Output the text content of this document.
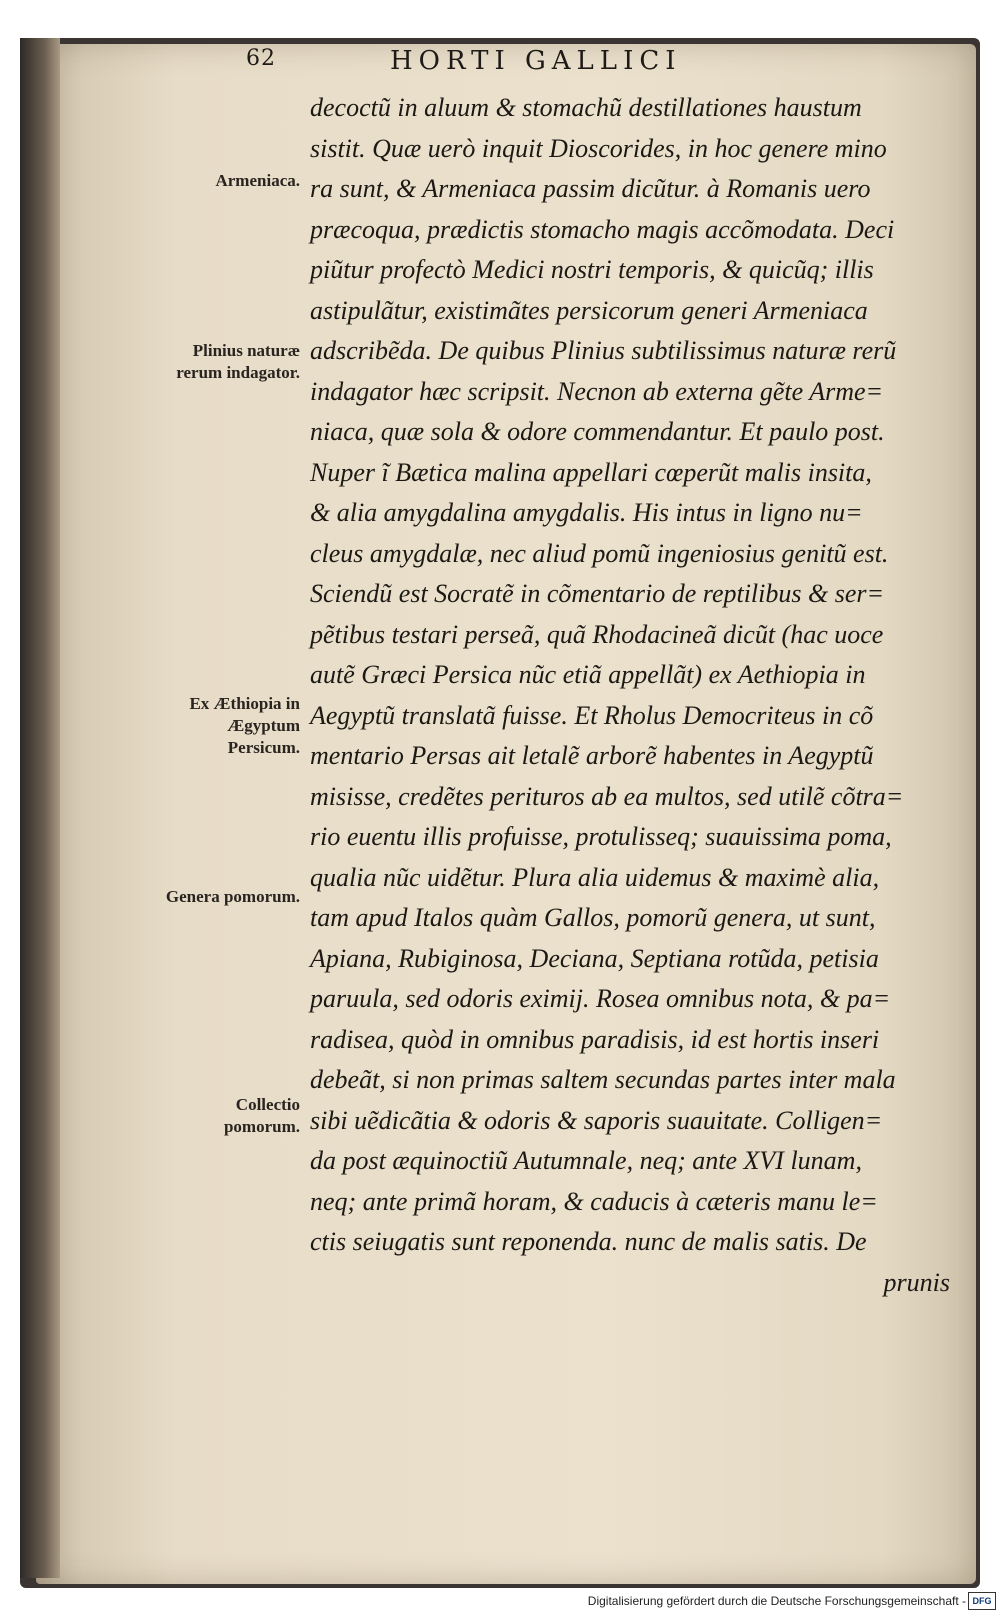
62	HORTI GALLICI
decoctũ in aluum & stomachũ destillationes haustum
sistit. Quæ uerò inquit Dioscorides, in hoc genere mino
ra sunt, & Armeniaca passim dicũtur. à Romanis uero
præcoqua, prædictis stomacho magis accõmodata. Deci
piũtur profectò Medici nostri temporis, & quicũq; illis
astipulãtur, existimãtes persicorum generi Armeniaca
adscribẽda. De quibus Plinius subtilissimus naturæ rerũ
indagator hæc scripsit. Necnon ab externa gẽte Arme=
niaca, quæ sola & odore commendantur. Et paulo post.
Nuper ĩ Bætica malina appellari cœperũt malis insita,
& alia amygdalina amygdalis. His intus in ligno nu=
cleus amygdalæ, nec aliud pomũ ingeniosius genitũ est.
Sciendũ est Socratẽ in cõmentario de reptilibus & ser=
pẽtibus testari perseã, quã Rhodacineã dicũt (hac uoce
autẽ Græci Persica nũc etiã appellãt) ex Aethiopia in
Aegyptũ translatã fuisse. Et Rholus Democriteus in cõ
mentario Persas ait letalẽ arborẽ habentes in Aegyptũ
misisse, credẽtes perituros ab ea multos, sed utilẽ cõtra=
rio euentu illis profuisse, protulisseq; suauissima poma,
qualia nũc uidẽtur. Plura alia uidemus & maximè alia,
tam apud Italos quàm Gallos, pomorũ genera, ut sunt,
Apiana, Rubiginosa, Deciana, Septiana rotũda, petisia
paruula, sed odoris eximij. Rosea omnibus nota, & pa=
radisea, quòd in omnibus paradisis, id est hortis inseri
debeãt, si non primas saltem secundas partes inter mala
sibi uẽdicãtia & odoris & saporis suauitate. Colligen=
da post æquinoctiũ Autumnale, neq; ante XVI lunam,
neq; ante primã horam, & caducis à cæteris manu le=
ctis seiugatis sunt reponenda. nunc de malis satis. De
prunis
Armeniaca.
Plinius naturæ rerum indagator.
Ex Æthiopia in Ægyptum Persicum.
Genera pomorum.
Collectio pomorum.
Digitalisierung gefördert durch die Deutsche Forschungsgemeinschaft - DFG
